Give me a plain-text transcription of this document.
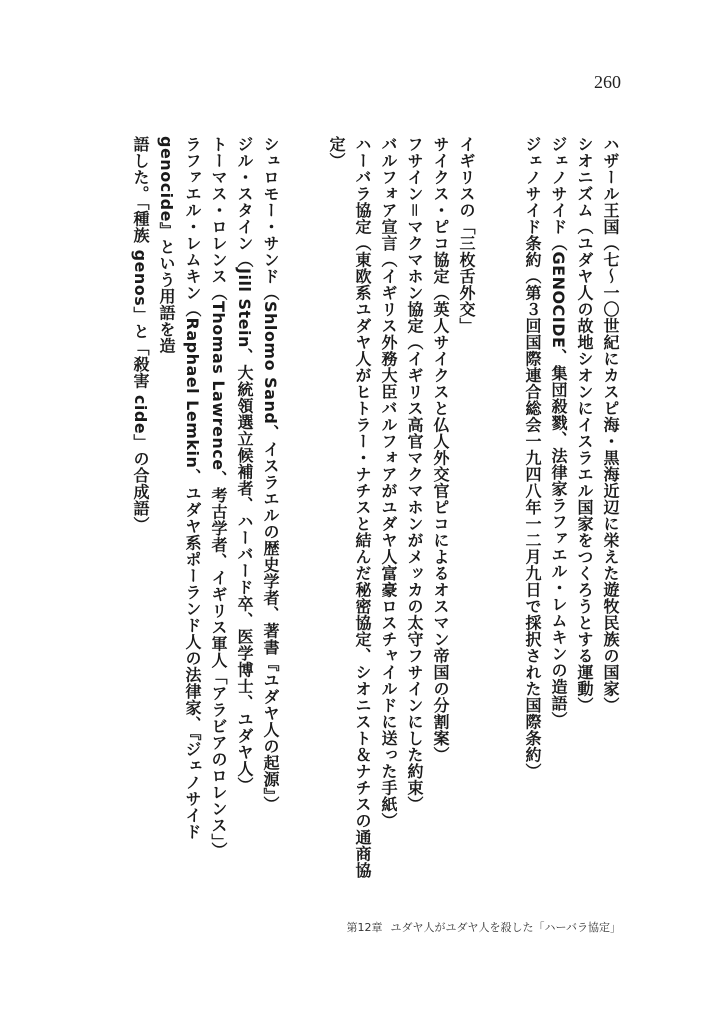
260
ハザール王国（七〜一〇世紀にカスピ海・黒海近辺に栄えた遊牧民族の国家）
シオニズム（ユダヤ人の故地シオンにイスラエル国家をつくろうとする運動）
ジェノサイド（GENOCIDE、集団殺戮、法律家ラファエル・レムキンの造語）
ジェノサイド条約（第３回国際連合総会一九四八年一二月九日で採択された国際条約）
イギリスの「三枚舌外交」
サイクス・ピコ協定（英人サイクスと仏人外交官ピコによるオスマン帝国の分割案）
フサイン＝マクマホン協定（イギリス高官マクマホンがメッカの太守フサインにした約束）
バルフォア宣言（イギリス外務大臣バルフォアがユダヤ人富豪ロスチャイルドに送った手紙）
ハーバラ協定（東欧系ユダヤ人がヒトラー・ナチスと結んだ秘密協定、シオニスト＆ナチスの通商協定）
シュロモー・サンド（Shlomo Sand、イスラエルの歴史学者、著書『ユダヤ人の起源』）
ジル・スタイン（Jill Stein、大統領選立候補者、ハーバード卒、医学博士、ユダヤ人）
トーマス・ロレンス（Thomas Lawrence、考古学者、イギリス軍人「アラビアのロレンス」）
ラファエル・レムキン（Raphael Lemkin、ユダヤ系ポーランド人の法律家、『ジェノサイド genocide』という用語を造
語した。「種族 genos」と「殺害 cide」の合成語）
第12章 ユダヤ人がユダヤ人を殺した「ハーバラ協定」
